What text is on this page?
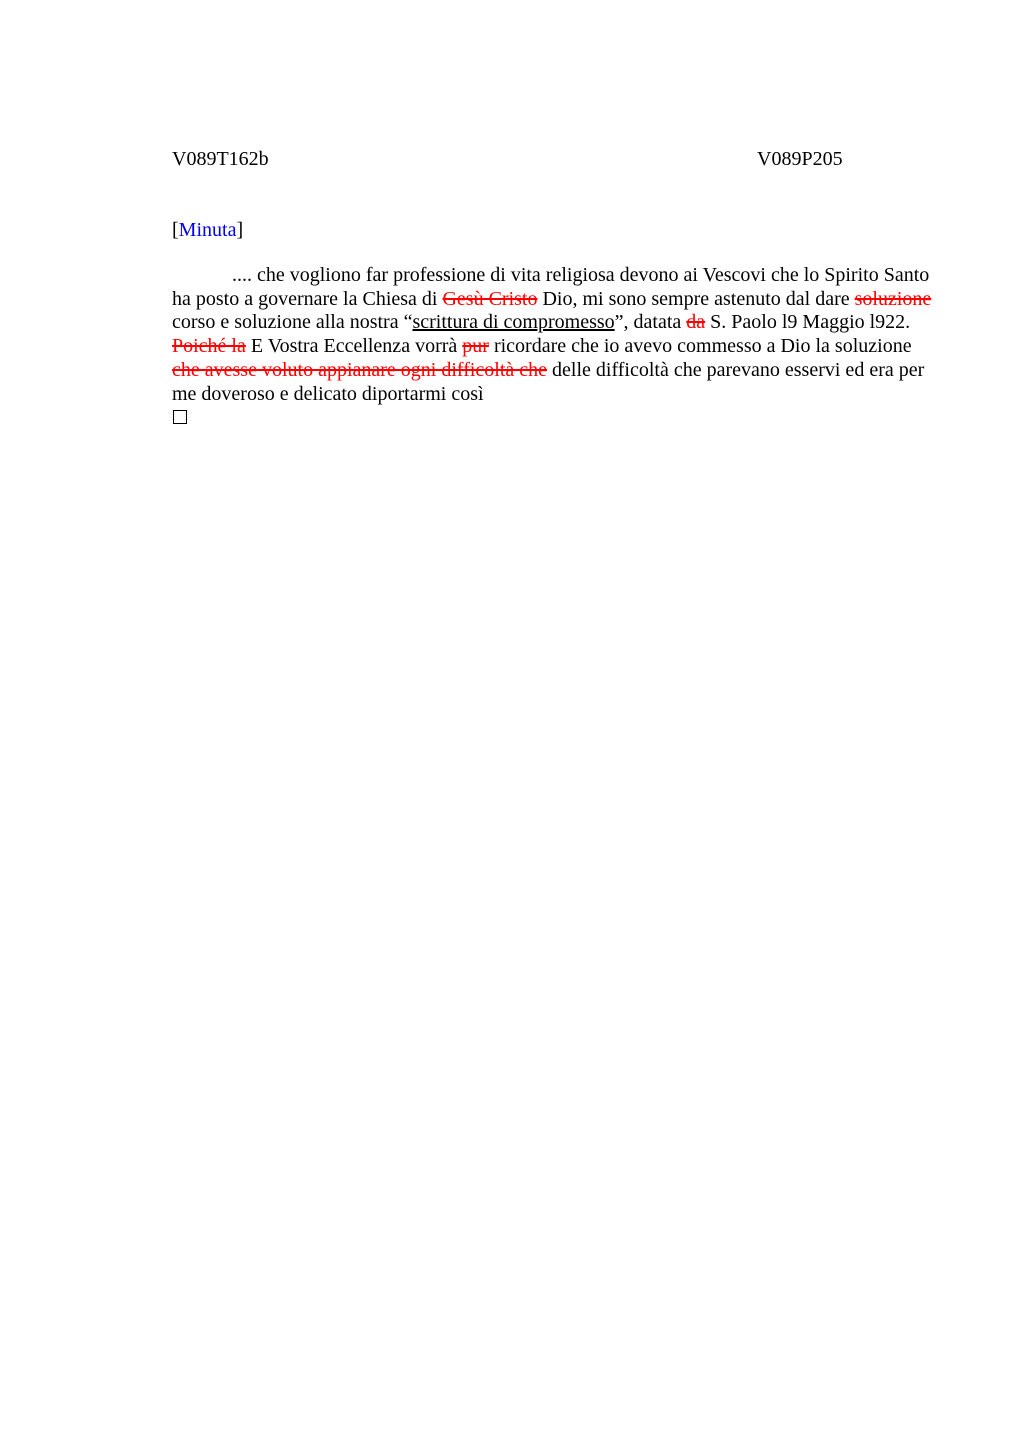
V089T162b	V089P205
[Minuta]
.... che vogliono far professione di vita religiosa devono ai Vescovi che lo Spirito Santo ha posto a governare la Chiesa di Gesù Cristo Dio, mi sono sempre astenuto dal dare soluzione corso e soluzione alla nostra “scrittura di compromesso”, datata da S. Paolo l9 Maggio l922. Poiché la E Vostra Eccellenza vorrà pur ricordare che io avevo commesso a Dio la soluzione che avesse voluto appianare ogni difficoltà che delle difficoltà che parevano esservi ed era per me doveroso e delicato diportarmi così
